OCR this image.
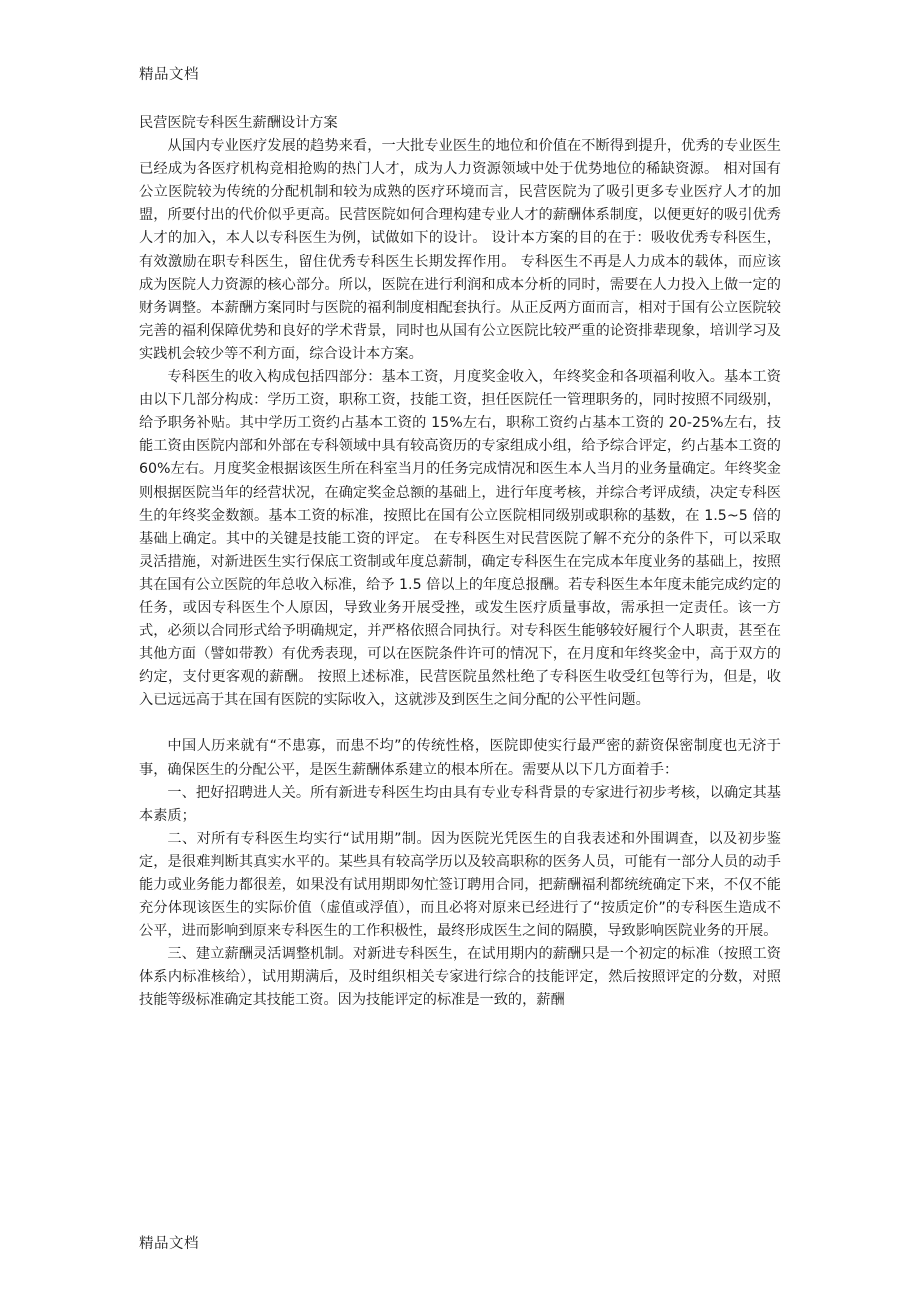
精品文档

民营医院专科医生薪酬设计方案

从国内专业医疗发展的趋势来看，一大批专业医生的地位和价值在不断得到提升，优秀的专业医生已经成为各医疗机构竞相抢购的热门人才，成为人力资源领域中处于优势地位的稀缺资源。 相对国有公立医院较为传统的分配机制和较为成熟的医疗环境而言，民营医院为了吸引更多专业医疗人才的加盟，所要付出的代价似乎更高。民营医院如何合理构建专业人才的薪酬体系制度，以便更好的吸引优秀人才的加入，本人以专科医生为例，试做如下的设计。 设计本方案的目的在于：吸收优秀专科医生，有效激励在职专科医生，留住优秀专科医生长期发挥作用。 专科医生不再是人力成本的载体，而应该成为医院人力资源的核心部分。所以，医院在进行利润和成本分析的同时，需要在人力投入上做一定的财务调整。本薪酬方案同时与医院的福利制度相配套执行。从正反两方面而言，相对于国有公立医院较完善的福利保障优势和良好的学术背景，同时也从国有公立医院比较严重的论资排辈现象，培训学习及实践机会较少等不利方面，综合设计本方案。

专科医生的收入构成包括四部分：基本工资，月度奖金收入，年终奖金和各项福利收入。基本工资由以下几部分构成：学历工资，职称工资，技能工资，担任医院任一管理职务的，同时按照不同级别，给予职务补贴。其中学历工资约占基本工资的 15%左右，职称工资约占基本工资的 20-25%左右，技能工资由医院内部和外部在专科领域中具有较高资历的专家组成小组，给予综合评定，约占基本工资的 60%左右。月度奖金根据该医生所在科室当月的任务完成情况和医生本人当月的业务量确定。年终奖金则根据医院当年的经营状况，在确定奖金总额的基础上，进行年度考核，并综合考评成绩，决定专科医生的年终奖金数额。基本工资的标准，按照比在国有公立医院相同级别或职称的基数，在 1.5~5 倍的基础上确定。其中的关键是技能工资的评定。 在专科医生对民营医院了解不充分的条件下，可以采取灵活措施，对新进医生实行保底工资制或年度总薪制，确定专科医生在完成本年度业务的基础上，按照其在国有公立医院的年总收入标准，给予 1.5 倍以上的年度总报酬。若专科医生本年度未能完成约定的任务，或因专科医生个人原因，导致业务开展受挫，或发生医疗质量事故，需承担一定责任。该一方式，必须以合同形式给予明确规定，并严格依照合同执行。对专科医生能够较好履行个人职责，甚至在其他方面（譬如带教）有优秀表现，可以在医院条件许可的情况下，在月度和年终奖金中，高于双方的约定，支付更客观的薪酬。 按照上述标准，民营医院虽然杜绝了专科医生收受红包等行为，但是，收入已远远高于其在国有医院的实际收入，这就涉及到医生之间分配的公平性问题。

中国人历来就有“不患寡，而患不均”的传统性格，医院即使实行最严密的薪资保密制度也无济于事，确保医生的分配公平，是医生薪酬体系建立的根本所在。需要从以下几方面着手：

一、把好招聘进人关。所有新进专科医生均由具有专业专科背景的专家进行初步考核，以确定其基本素质；

二、对所有专科医生均实行“试用期”制。因为医院光凭医生的自我表述和外围调查，以及初步鉴定，是很难判断其真实水平的。某些具有较高学历以及较高职称的医务人员，可能有一部分人员的动手能力或业务能力都很差，如果没有试用期即匆忙签订聘用合同，把薪酬福利都统统确定下来，不仅不能充分体现该医生的实际价值（虚值或浮值），而且必将对原来已经进行了“按质定价”的专科医生造成不公平，进而影响到原来专科医生的工作积极性，最终形成医生之间的隔膜，导致影响医院业务的开展。

三、建立薪酬灵活调整机制。对新进专科医生，在试用期内的薪酬只是一个初定的标准（按照工资体系内标准核给），试用期满后，及时组织相关专家进行综合的技能评定，然后按照评定的分数，对照技能等级标准确定其技能工资。因为技能评定的标准是一致的，薪酬

精品文档
